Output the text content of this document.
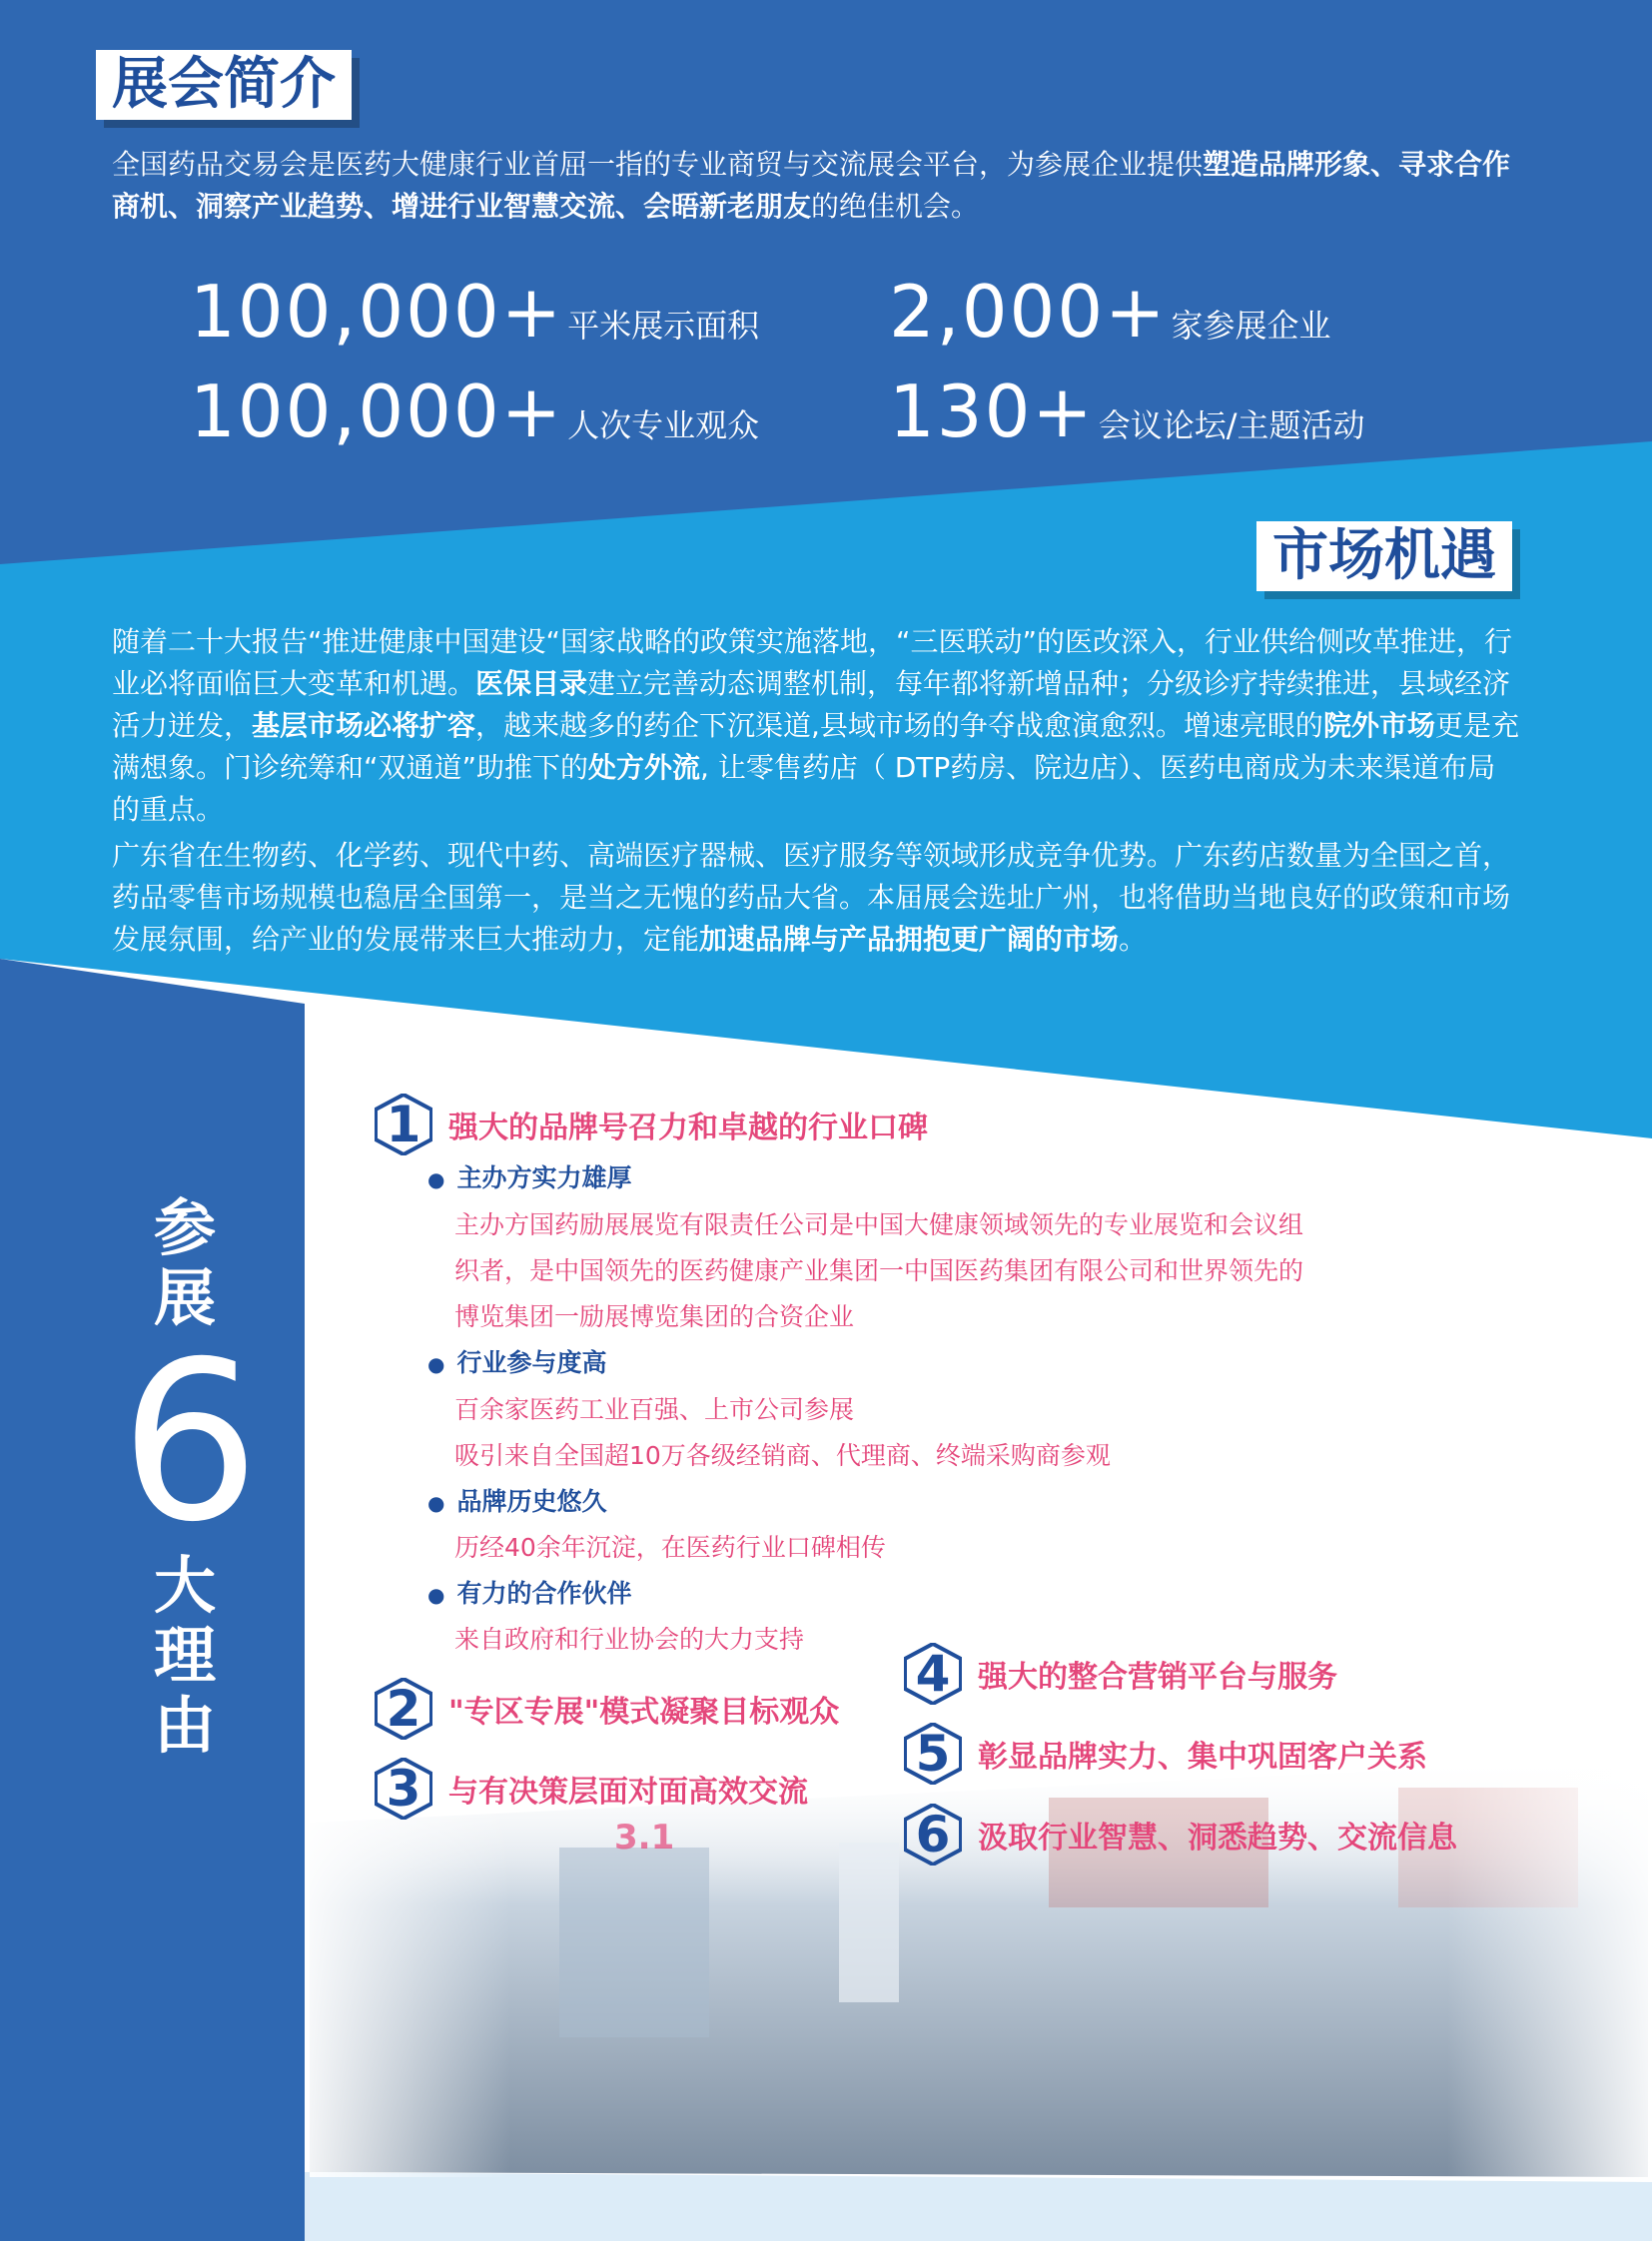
3.1
展会简介
全国药品交易会是医药大健康行业首屈一指的专业商贸与交流展会平台，为参展企业提供塑造品牌形象、寻求合作商机、洞察产业趋势、增进行业智慧交流、会晤新老朋友的绝佳机会。
100,000+ 平米展示面积 2,000+ 家参展企业
100,000+ 人次专业观众 130+ 会议论坛/主题活动
市场机遇
随着二十大报告“推进健康中国建设“国家战略的政策实施落地，“三医联动”的医改深入，行业供给侧改革推进，行业必将面临巨大变革和机遇。医保目录建立完善动态调整机制，每年都将新增品种；分级诊疗持续推进，县域经济活力迸发，基层市场必将扩容，越来越多的药企下沉渠道,县域市场的争夺战愈演愈烈。增速亮眼的院外市场更是充满想象。门诊统筹和“双通道”助推下的处方外流, 让零售药店（ DTP药房、院边店）、医药电商成为未来渠道布局的重点。
广东省在生物药、化学药、现代中药、高端医疗器械、医疗服务等领域形成竞争优势。广东药店数量为全国之首，药品零售市场规模也稳居全国第一，是当之无愧的药品大省。本届展会选址广州，也将借助当地良好的政策和市场发展氛围，给产业的发展带来巨大推动力，定能加速品牌与产品拥抱更广阔的市场。
参
展
6
大
理
由
1 强大的品牌号召力和卓越的行业口碑
2 "专区专展"模式凝聚目标观众
3 与有决策层面对面高效交流
4 强大的整合营销平台与服务
5 彰显品牌实力、集中巩固客户关系
6 汲取行业智慧、洞悉趋势、交流信息
● 主办方实力雄厚
主办方国药励展展览有限责任公司是中国大健康领域领先的专业展览和会议组
织者，是中国领先的医药健康产业集团一中国医药集团有限公司和世界领先的
博览集团一励展博览集团的合资企业
● 行业参与度高
百余家医药工业百强、上市公司参展
吸引来自全国超10万各级经销商、代理商、终端采购商参观
● 品牌历史悠久
历经40余年沉淀，在医药行业口碑相传
● 有力的合作伙伴
来自政府和行业协会的大力支持
